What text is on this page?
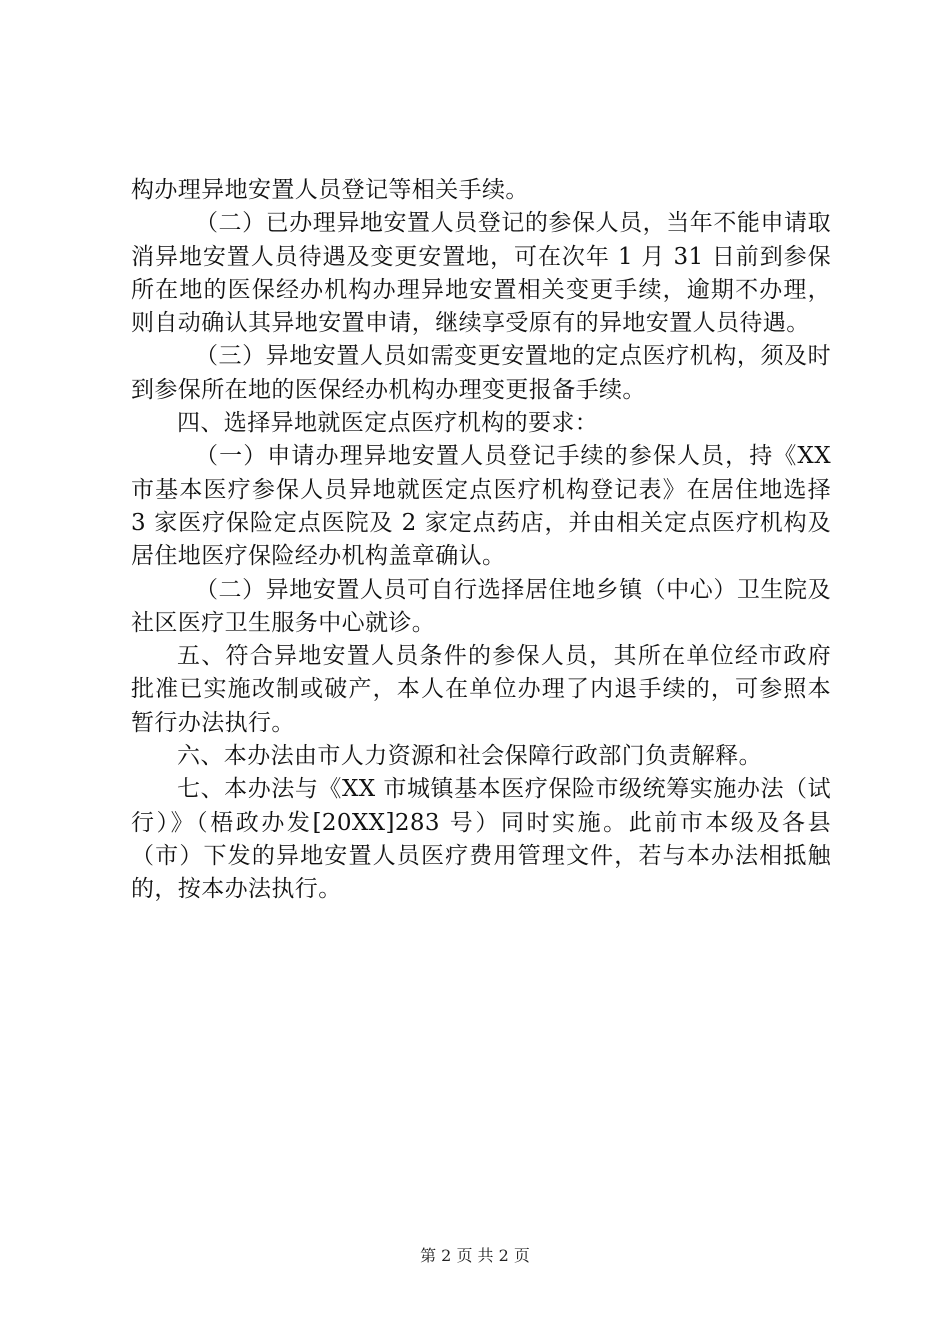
构办理异地安置人员登记等相关手续。

（二）已办理异地安置人员登记的参保人员，当年不能申请取消异地安置人员待遇及变更安置地，可在次年 1 月 31 日前到参保所在地的医保经办机构办理异地安置相关变更手续，逾期不办理，则自动确认其异地安置申请，继续享受原有的异地安置人员待遇。

（三）异地安置人员如需变更安置地的定点医疗机构，须及时到参保所在地的医保经办机构办理变更报备手续。

四、选择异地就医定点医疗机构的要求：

（一）申请办理异地安置人员登记手续的参保人员，持《XX 市基本医疗参保人员异地就医定点医疗机构登记表》在居住地选择 3 家医疗保险定点医院及 2 家定点药店，并由相关定点医疗机构及居住地医疗保险经办机构盖章确认。

（二）异地安置人员可自行选择居住地乡镇（中心）卫生院及社区医疗卫生服务中心就诊。

五、符合异地安置人员条件的参保人员，其所在单位经市政府批准已实施改制或破产，本人在单位办理了内退手续的，可参照本暂行办法执行。

六、本办法由市人力资源和社会保障行政部门负责解释。

七、本办法与《XX 市城镇基本医疗保险市级统筹实施办法（试行）》（梧政办发[20XX]283 号）同时实施。此前市本级及各县（市）下发的异地安置人员医疗费用管理文件，若与本办法相抵触的，按本办法执行。

第 2 页 共 2 页
